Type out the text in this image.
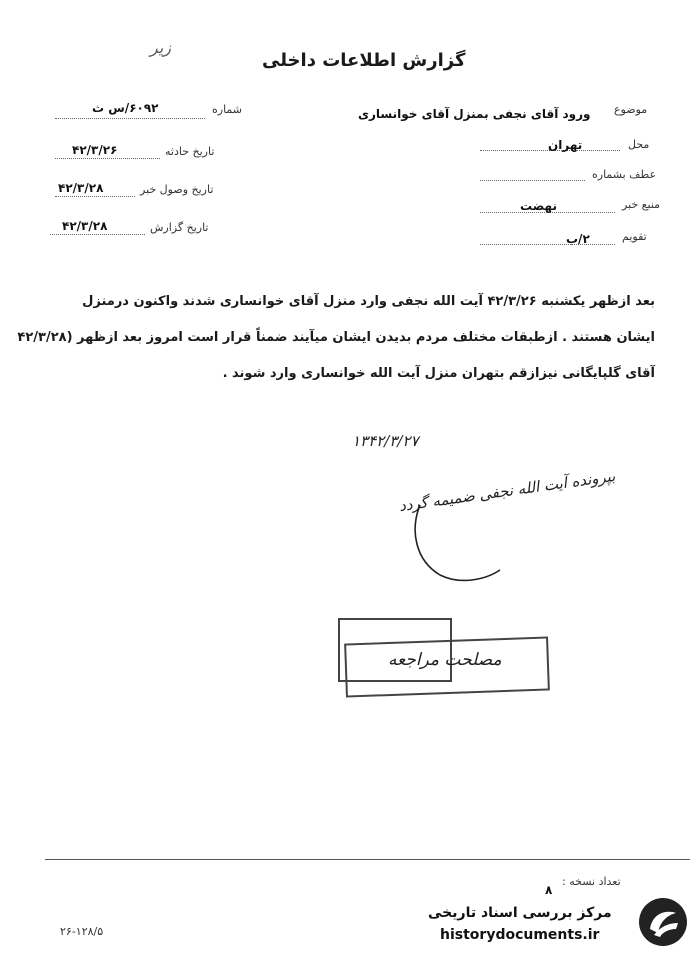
زیر
گزارش اطلاعات داخلی
شماره
۶۰۹۲/س ث
تاریخ حادثه
۴۲/۳/۲۶
تاریخ وصول خبر
۴۲/۳/۲۸
تاریخ گزارش
۴۲/۳/۲۸
موضوع
ورود آقای نجفی بمنزل آقای خوانساری
محل
تهران
عطف بشماره
منبع خبر
نهضت
تقویم
۲/ب
بعد ازظهر یکشنبه ۴۲/۳/۲۶ آیت الله نجفی وارد منزل آقای خوانساری شدند واکنون درمنزل
ایشان هستند . ازطبقات مختلف مردم بدیدن ایشان میآیند ضمناً قرار است امروز بعد ازظهر (۴۲/۳/۲۸
آقای گلپایگانی نیزازقم بتهران منزل آیت الله خوانساری وارد شوند .
۱۳۴۲/۳/۲۷
بپرونده آیت الله نجفی ضمیمه گردد
مصلحت مراجعه
تعداد نسخه :
۸
۲۶-۱۲۸/۵
مرکز بررسی اسناد تاریخی
historydocuments.ir
